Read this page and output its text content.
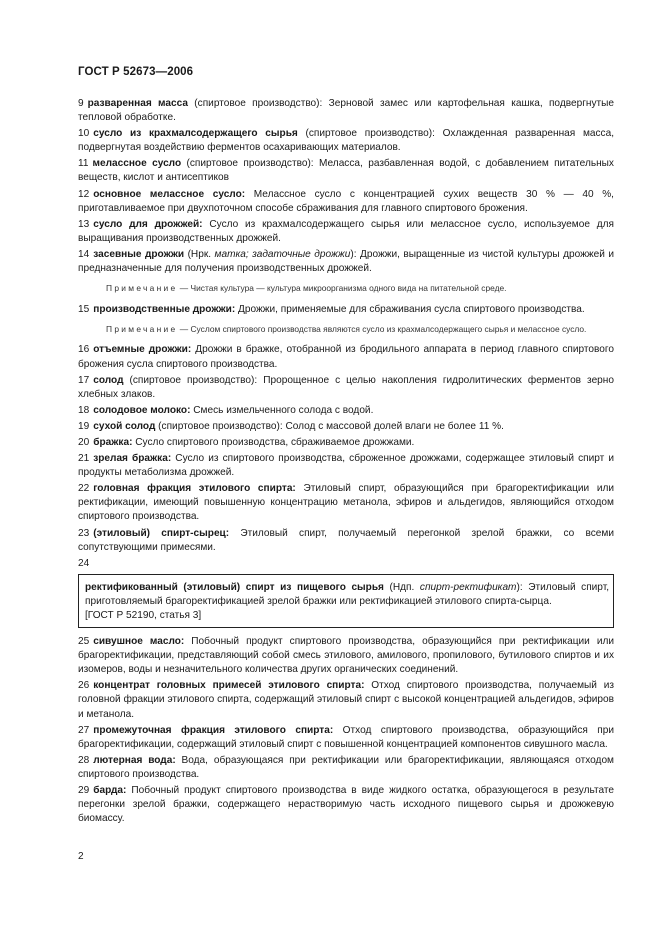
ГОСТ Р 52673—2006

9 разваренная масса (спиртовое производство): Зерновой замес или картофельная кашка, подвергнутые тепловой обработке.

10 сусло из крахмалсодержащего сырья (спиртовое производство): Охлажденная разваренная масса, подвергнутая воздействию ферментов осахаривающих материалов.

11 мелассное сусло (спиртовое производство): Меласса, разбавленная водой, с добавлением питательных веществ, кислот и антисептиков

12 основное мелассное сусло: Мелассное сусло с концентрацией сухих веществ 30 % — 40 %, приготавливаемое при двухпоточном способе сбраживания для главного спиртового брожения.

13 сусло для дрожжей: Сусло из крахмалсодержащего сырья или мелассное сусло, используемое для выращивания производственных дрожжей.

14 засевные дрожжи (Нрк. матка; задаточные дрожжи): Дрожжи, выращенные из чистой культуры дрожжей и предназначенные для получения производственных дрожжей.

Примечание — Чистая культура — культура микроорганизма одного вида на питательной среде.

15 производственные дрожжи: Дрожжи, применяемые для сбраживания сусла спиртового производства.

Примечание — Суслом спиртового производства являются сусло из крахмалсодержащего сырья и мелассное сусло.

16 отъемные дрожжи: Дрожжи в бражке, отобранной из бродильного аппарата в период главного спиртового брожения сусла спиртового производства.

17 солод (спиртовое производство): Пророщенное с целью накопления гидролитических ферментов зерно хлебных злаков.

18 солодовое молоко: Смесь измельченного солода с водой.

19 сухой солод (спиртовое производство): Солод с массовой долей влаги не более 11 %.

20 бражка: Сусло спиртового производства, сбраживаемое дрожжами.

21 зрелая бражка: Сусло из спиртового производства, сброженное дрожжами, содержащее этиловый спирт и продукты метаболизма дрожжей.

22 головная фракция этилового спирта: Этиловый спирт, образующийся при брагоректификации или ректификации, имеющий повышенную концентрацию метанола, эфиров и альдегидов, являющийся отходом спиртового производства.

23 (этиловый) спирт-сырец: Этиловый спирт, получаемый перегонкой зрелой бражки, со всеми сопутствующими примесями.

24

ректификованный (этиловый) спирт из пищевого сырья (Ндп. спирт-ректификат): Этиловый спирт, приготовляемый брагоректификацией зрелой бражки или ректификацией этилового спирта-сырца.

[ГОСТ Р 52190, статья 3]

25 сивушное масло: Побочный продукт спиртового производства, образующийся при ректификации или брагоректификации, представляющий собой смесь этилового, амилового, пропилового, бутилового спиртов и их изомеров, воды и незначительного количества других органических соединений.

26 концентрат головных примесей этилового спирта: Отход спиртового производства, получаемый из головной фракции этилового спирта, содержащий этиловый спирт с высокой концентрацией альдегидов, эфиров и метанола.

27 промежуточная фракция этилового спирта: Отход спиртового производства, образующийся при брагоректификации, содержащий этиловый спирт с повышенной концентрацией компонентов сивушного масла.

28 лютерная вода: Вода, образующаяся при ректификации или брагоректификации, являющаяся отходом спиртового производства.

29 барда: Побочный продукт спиртового производства в виде жидкого остатка, образующегося в результате перегонки зрелой бражки, содержащего нерастворимую часть исходного пищевого сырья и дрожжевую биомассу.

2
